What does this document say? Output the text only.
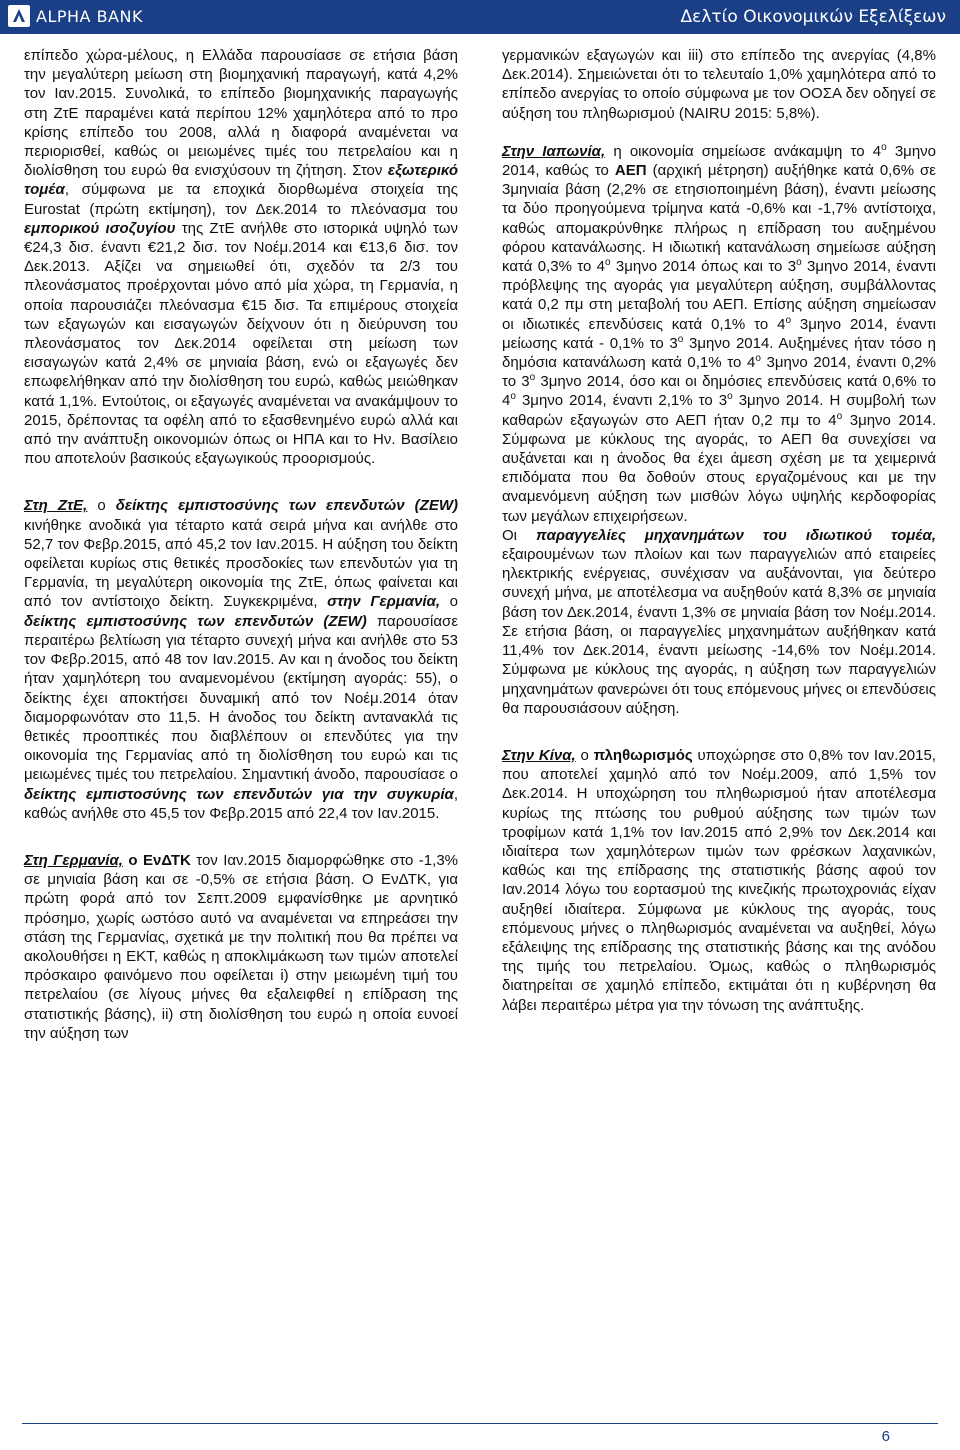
ALPHA BANK	Δελτίο Οικονομικών Εξελίξεων

επίπεδο χώρα-μέλους, η Ελλάδα παρουσίασε σε ετήσια βάση την μεγαλύτερη μείωση στη βιομηχανική παραγωγή, κατά 4,2% τον Ιαν.2015. Συνολικά, το επίπεδο βιομηχανικής παραγωγής στη ΖτΕ παραμένει κατά περίπου 12% χαμηλότερα από το προ κρίσης επίπεδο του 2008, αλλά η διαφορά αναμένεται να περιορισθεί, καθώς οι μειωμένες τιμές του πετρελαίου και η διολίσθηση του ευρώ θα ενισχύσουν τη ζήτηση. Στον εξωτερικό τομέα, σύμφωνα με τα εποχικά διορθωμένα στοιχεία της Eurostat (πρώτη εκτίμηση), τον Δεκ.2014 το πλεόνασμα του εμπορικού ισοζυγίου της ΖτΕ ανήλθε στο ιστορικά υψηλό των €24,3 δισ. έναντι €21,2 δισ. τον Νοέμ.2014 και €13,6 δισ. τον Δεκ.2013. Αξίζει να σημειωθεί ότι, σχεδόν τα 2/3 του πλεονάσματος προέρχονται μόνο από μία χώρα, τη Γερμανία, η οποία παρουσιάζει πλεόνασμα €15 δισ. Τα επιμέρους στοιχεία των εξαγωγών και εισαγωγών δείχνουν ότι η διεύρυνση του πλεονάσματος τον Δεκ.2014 οφείλεται στη μείωση των εισαγωγών κατά 2,4% σε μηνιαία βάση, ενώ οι εξαγωγές δεν επωφελήθηκαν από την διολίσθηση του ευρώ, καθώς μειώθηκαν κατά 1,1%. Εντούτοις, οι εξαγωγές αναμένεται να ανακάμψουν το 2015, δρέποντας τα οφέλη από το εξασθενημένο ευρώ αλλά και από την ανάπτυξη οικονομιών όπως οι ΗΠΑ και το Ην. Βασίλειο που αποτελούν βασικούς εξαγωγικούς προορισμούς.

Στη ΖτΕ, ο δείκτης εμπιστοσύνης των επενδυτών (ZEW) κινήθηκε ανοδικά για τέταρτο κατά σειρά μήνα και ανήλθε στο 52,7 τον Φεβρ.2015, από 45,2 τον Ιαν.2015. Η αύξηση του δείκτη οφείλεται κυρίως στις θετικές προσδοκίες των επενδυτών για τη Γερμανία, τη μεγαλύτερη οικονομία της ΖτΕ, όπως φαίνεται και από τον αντίστοιχο δείκτη. Συγκεκριμένα, στην Γερμανία, ο δείκτης εμπιστοσύνης των επενδυτών (ZEW) παρουσίασε περαιτέρω βελτίωση για τέταρτο συνεχή μήνα και ανήλθε στο 53 τον Φεβρ.2015, από 48 τον Ιαν.2015. Αν και η άνοδος του δείκτη ήταν χαμηλότερη του αναμενομένου (εκτίμηση αγοράς: 55), ο δείκτης έχει αποκτήσει δυναμική από τον Νοέμ.2014 όταν διαμορφωνόταν στο 11,5. Η άνοδος του δείκτη αντανακλά τις θετικές προοπτικές που διαβλέπουν οι επενδύτες για την οικονομία της Γερμανίας από τη διολίσθηση του ευρώ και τις μειωμένες τιμές του πετρελαίου. Σημαντική άνοδο, παρουσίασε ο δείκτης εμπιστοσύνης των επενδυτών για την συγκυρία, καθώς ανήλθε στο 45,5 τον Φεβρ.2015 από 22,4 τον Ιαν.2015.

Στη Γερμανία, ο ΕνΔΤΚ τον Ιαν.2015 διαμορφώθηκε στο -1,3% σε μηνιαία βάση και σε -0,5% σε ετήσια βάση. Ο ΕνΔΤΚ, για πρώτη φορά από τον Σεπτ.2009 εμφανίσθηκε με αρνητικό πρόσημο, χωρίς ωστόσο αυτό να αναμένεται να επηρεάσει την στάση της Γερμανίας, σχετικά με την πολιτική που θα πρέπει να ακολουθήσει η ΕΚΤ, καθώς η αποκλιμάκωση των τιμών αποτελεί πρόσκαιρο φαινόμενο που οφείλεται i) στην μειωμένη τιμή του πετρελαίου (σε λίγους μήνες θα εξαλειφθεί η επίδραση της στατιστικής βάσης), ii) στη διολίσθηση του ευρώ η οποία ευνοεί την αύξηση των

γερμανικών εξαγωγών και iii) στο επίπεδο της ανεργίας (4,8% Δεκ.2014). Σημειώνεται ότι το τελευταίο 1,0% χαμηλότερα από το επίπεδο ανεργίας το οποίο σύμφωνα με τον ΟΟΣΑ δεν οδηγεί σε αύξηση του πληθωρισμού (NAIRU 2015: 5,8%).

Στην Ιαπωνία, η οικονομία σημείωσε ανάκαμψη το $4^o$ 3μηνο 2014, καθώς το ΑΕΠ (αρχική μέτρηση) αυξήθηκε κατά 0,6% σε 3μηνιαία βάση (2,2% σε ετησιοποιημένη βάση), έναντι μείωσης τα δύο προηγούμενα τρίμηνα κατά -0,6% και -1,7% αντίστοιχα, καθώς απομακρύνθηκε πλήρως η επίδραση του αυξημένου φόρου κατανάλωσης. Η ιδιωτική κατανάλωση σημείωσε αύξηση κατά 0,3% το $4^o$ 3μηνο 2014 όπως και το $3^o$ 3μηνο 2014, έναντι πρόβλεψης της αγοράς για μεγαλύτερη αύξηση, συμβάλλοντας κατά 0,2 πμ στη μεταβολή του ΑΕΠ. Επίσης αύξηση σημείωσαν οι ιδιωτικές επενδύσεις κατά 0,1% το $4^o$ 3μηνο 2014, έναντι μείωσης κατά - 0,1% το $3^o$ 3μηνο 2014. Αυξημένες ήταν τόσο η δημόσια κατανάλωση κατά 0,1% το $4^o$ 3μηνο 2014, έναντι 0,2% το $3^o$ 3μηνο 2014, όσο και οι δημόσιες επενδύσεις κατά 0,6% το $4^o$ 3μηνο 2014, έναντι 2,1% το $3^o$ 3μηνο 2014. Η συμβολή των καθαρών εξαγωγών στο ΑΕΠ ήταν 0,2 πμ το $4^o$ 3μηνο 2014. Σύμφωνα με κύκλους της αγοράς, το ΑΕΠ θα συνεχίσει να αυξάνεται και η άνοδος θα έχει άμεση σχέση με τα χειμερινά επιδόματα που θα δοθούν στους εργαζομένους και με την αναμενόμενη αύξηση των μισθών λόγω υψηλής κερδοφορίας των μεγάλων επιχειρήσεων.

Οι παραγγελίες μηχανημάτων του ιδιωτικού τομέα, εξαιρουμένων των πλοίων και των παραγγελιών από εταιρείες ηλεκτρικής ενέργειας, συνέχισαν να αυξάνονται, για δεύτερο συνεχή μήνα, με αποτέλεσμα να αυξηθούν κατά 8,3% σε μηνιαία βάση τον Δεκ.2014, έναντι 1,3% σε μηνιαία βάση τον Νοέμ.2014. Σε ετήσια βάση, οι παραγγελίες μηχανημάτων αυξήθηκαν κατά 11,4% τον Δεκ.2014, έναντι μείωσης -14,6% τον Νοέμ.2014. Σύμφωνα με κύκλους της αγοράς, η αύξηση των παραγγελιών μηχανημάτων φανερώνει ότι τους επόμενους μήνες οι επενδύσεις θα παρουσιάσουν αύξηση.

Στην Κίνα, ο πληθωρισμός υποχώρησε στο 0,8% τον Ιαν.2015, που αποτελεί χαμηλό από τον Νοέμ.2009, από 1,5% τον Δεκ.2014. Η υποχώρηση του πληθωρισμού ήταν αποτέλεσμα κυρίως της πτώσης του ρυθμού αύξησης των τιμών των τροφίμων κατά 1,1% τον Ιαν.2015 από 2,9% τον Δεκ.2014 και ιδιαίτερα των χαμηλότερων τιμών των φρέσκων λαχανικών, καθώς και της επίδρασης της στατιστικής βάσης αφού τον Ιαν.2014 λόγω του εορτασμού της κινεζικής πρωτοχρονιάς είχαν αυξηθεί ιδιαίτερα. Σύμφωνα με κύκλους της αγοράς, τους επόμενους μήνες ο πληθωρισμός αναμένεται να αυξηθεί, λόγω εξάλειψης της επίδρασης της στατιστικής βάσης και της ανόδου της τιμής του πετρελαίου. Όμως, καθώς ο πληθωρισμός διατηρείται σε χαμηλό επίπεδο, εκτιμάται ότι η κυβέρνηση θα λάβει περαιτέρω μέτρα για την τόνωση της ανάπτυξης.

6
